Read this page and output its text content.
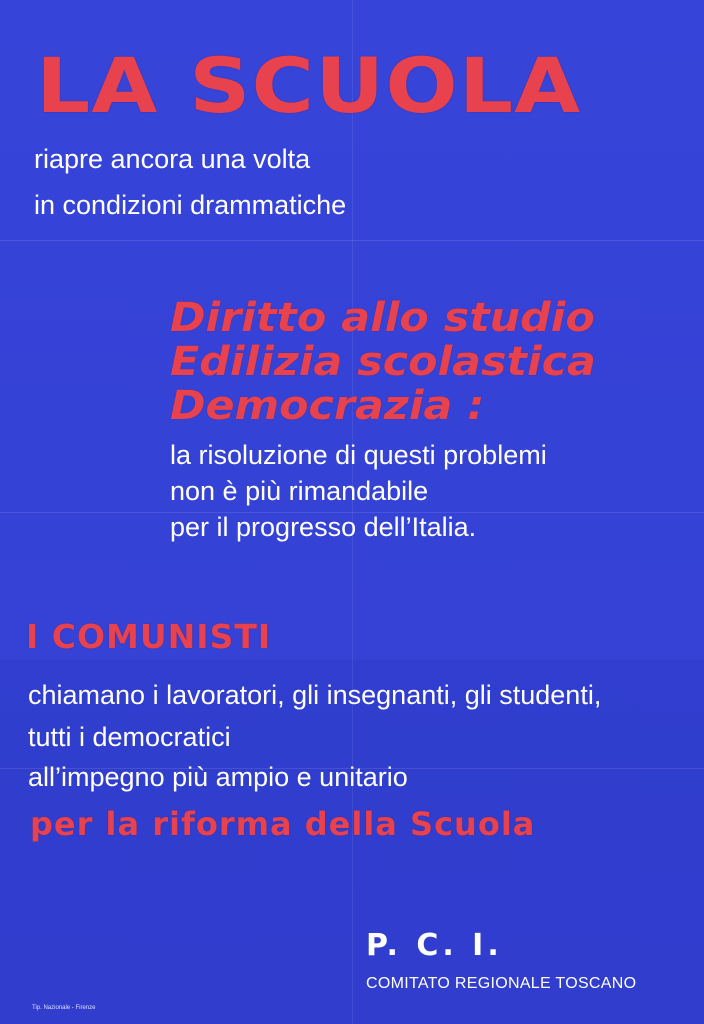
LA SCUOLA
riapre ancora una volta
in condizioni drammatiche
Diritto allo studio
Edilizia scolastica
Democrazia :
la risoluzione di questi problemi
non è più rimandabile
per il progresso dell’Italia.
I COMUNISTI
chiamano i lavoratori, gli insegnanti, gli studenti,
tutti i democratici
all’impegno più ampio e unitario
per la riforma della Scuola
P. C. I.
COMITATO REGIONALE TOSCANO
Tip. Nazionale - Firenze
